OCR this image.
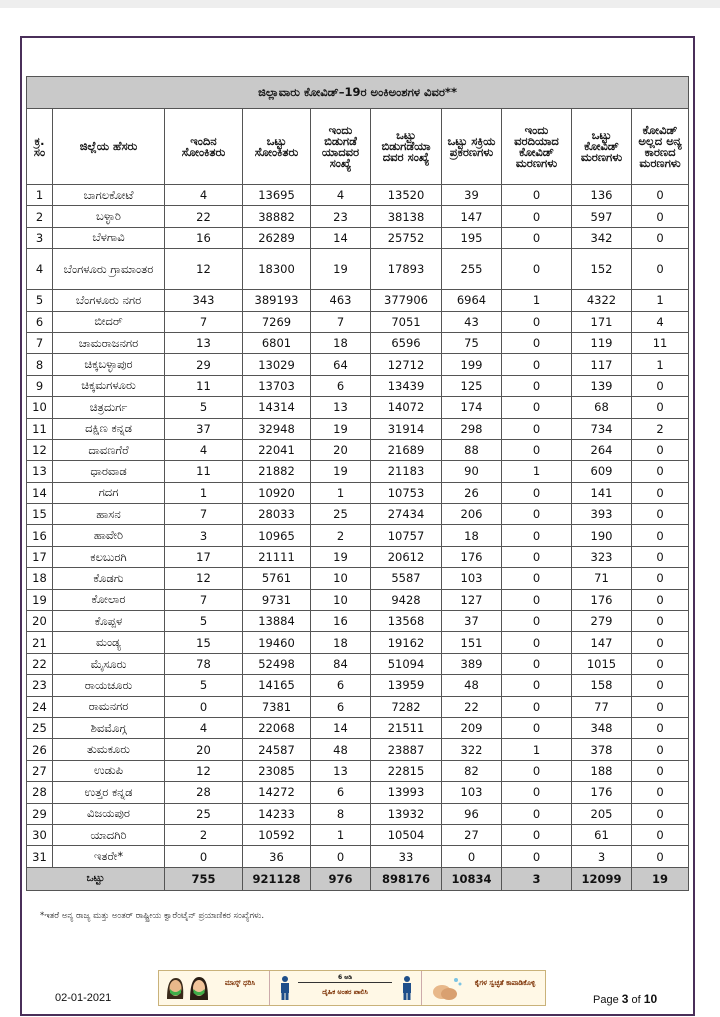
ಜಿಲ್ಲಾವಾರು ಕೋವಿಡ್–19ರ ಅಂಕಿಅಂಶಗಳ ವಿವರ**									

ಕ್ರ. ಸಂ	ಜಿಲ್ಲೆಯ ಹೆಸರು	ಇಂದಿನ ಸೋಂಕಿತರು	ಒಟ್ಟು ಸೋಂಕಿತರು	ಇಂದು ಬಿಡುಗಡೆ ಯಾದವರ ಸಂಖ್ಯೆ	ಒಟ್ಟು ಬಿಡುಗಡೆಯಾ ದವರ ಸಂಖ್ಯೆ	ಒಟ್ಟು ಸಕ್ರಿಯ ಪ್ರಕರಣಗಳು	ಇಂದು ವರದಿಯಾದ ಕೋವಿಡ್ ಮರಣಗಳು	ಒಟ್ಟು ಕೋವಿಡ್ ಮರಣಗಳು	ಕೋವಿಡ್ ಅಲ್ಲದ ಅನ್ಯ ಕಾರಣದ ಮರಣಗಳು

1	ಬಾಗಲಕೋಟೆ	4	13695	4	13520	39	0	136	0
2	ಬಳ್ಳಾರಿ	22	38882	23	38138	147	0	597	0
3	ಬೆಳಗಾವಿ	16	26289	14	25752	195	0	342	0
4	ಬೆಂಗಳೂರು ಗ್ರಾಮಾಂತರ	12	18300	19	17893	255	0	152	0
5	ಬೆಂಗಳೂರು ನಗರ	343	389193	463	377906	6964	1	4322	1
6	ಬೀದರ್	7	7269	7	7051	43	0	171	4
7	ಚಾಮರಾಜನಗರ	13	6801	18	6596	75	0	119	11
8	ಚಿಕ್ಕಬಳ್ಳಾಪುರ	29	13029	64	12712	199	0	117	1
9	ಚಿಕ್ಕಮಗಳೂರು	11	13703	6	13439	125	0	139	0
10	ಚಿತ್ರದುರ್ಗ	5	14314	13	14072	174	0	68	0
11	ದಕ್ಷಿಣ ಕನ್ನಡ	37	32948	19	31914	298	0	734	2
12	ದಾವಣಗೆರೆ	4	22041	20	21689	88	0	264	0
13	ಧಾರವಾಡ	11	21882	19	21183	90	1	609	0
14	ಗದಗ	1	10920	1	10753	26	0	141	0
15	ಹಾಸನ	7	28033	25	27434	206	0	393	0
16	ಹಾವೇರಿ	3	10965	2	10757	18	0	190	0
17	ಕಲಬುರಗಿ	17	21111	19	20612	176	0	323	0
18	ಕೊಡಗು	12	5761	10	5587	103	0	71	0
19	ಕೋಲಾರ	7	9731	10	9428	127	0	176	0
20	ಕೊಪ್ಪಳ	5	13884	16	13568	37	0	279	0
21	ಮಂಡ್ಯ	15	19460	18	19162	151	0	147	0
22	ಮೈಸೂರು	78	52498	84	51094	389	0	1015	0
23	ರಾಯಚೂರು	5	14165	6	13959	48	0	158	0
24	ರಾಮನಗರ	0	7381	6	7282	22	0	77	0
25	ಶಿವಮೊಗ್ಗ	4	22068	14	21511	209	0	348	0
26	ತುಮಕೂರು	20	24587	48	23887	322	1	378	0
27	ಉಡುಪಿ	12	23085	13	22815	82	0	188	0
28	ಉತ್ತರ ಕನ್ನಡ	28	14272	6	13993	103	0	176	0
29	ವಿಜಯಪುರ	25	14233	8	13932	96	0	205	0
30	ಯಾದಗಿರಿ	2	10592	1	10504	27	0	61	0
31	ಇತರೇ*	0	36	0	33	0	0	3	0
ಒಟ್ಟು		755	921128	976	898176	10834	3	12099	19
*ಇತರೆ ಅನ್ಯ ರಾಜ್ಯ ಮತ್ತು ಅಂತರ್ ರಾಷ್ಟ್ರೀಯ ಕ್ವಾರೆಂಟೈನ್ ಪ್ರಯಾಣಿಕರ ಸಂಖ್ಯೆಗಳು.
ಮಾಸ್ಕ್ ಧರಿಸಿ
6 ಅಡಿ
ದೈಹಿಕ ಅಂತರ ಪಾಲಿಸಿ
ಕೈಗಳ ಸ್ವಚ್ಛತೆ ಕಾಪಾಡಿಕೊಳ್ಳಿ
02-01-2021	Page 3 of 10
